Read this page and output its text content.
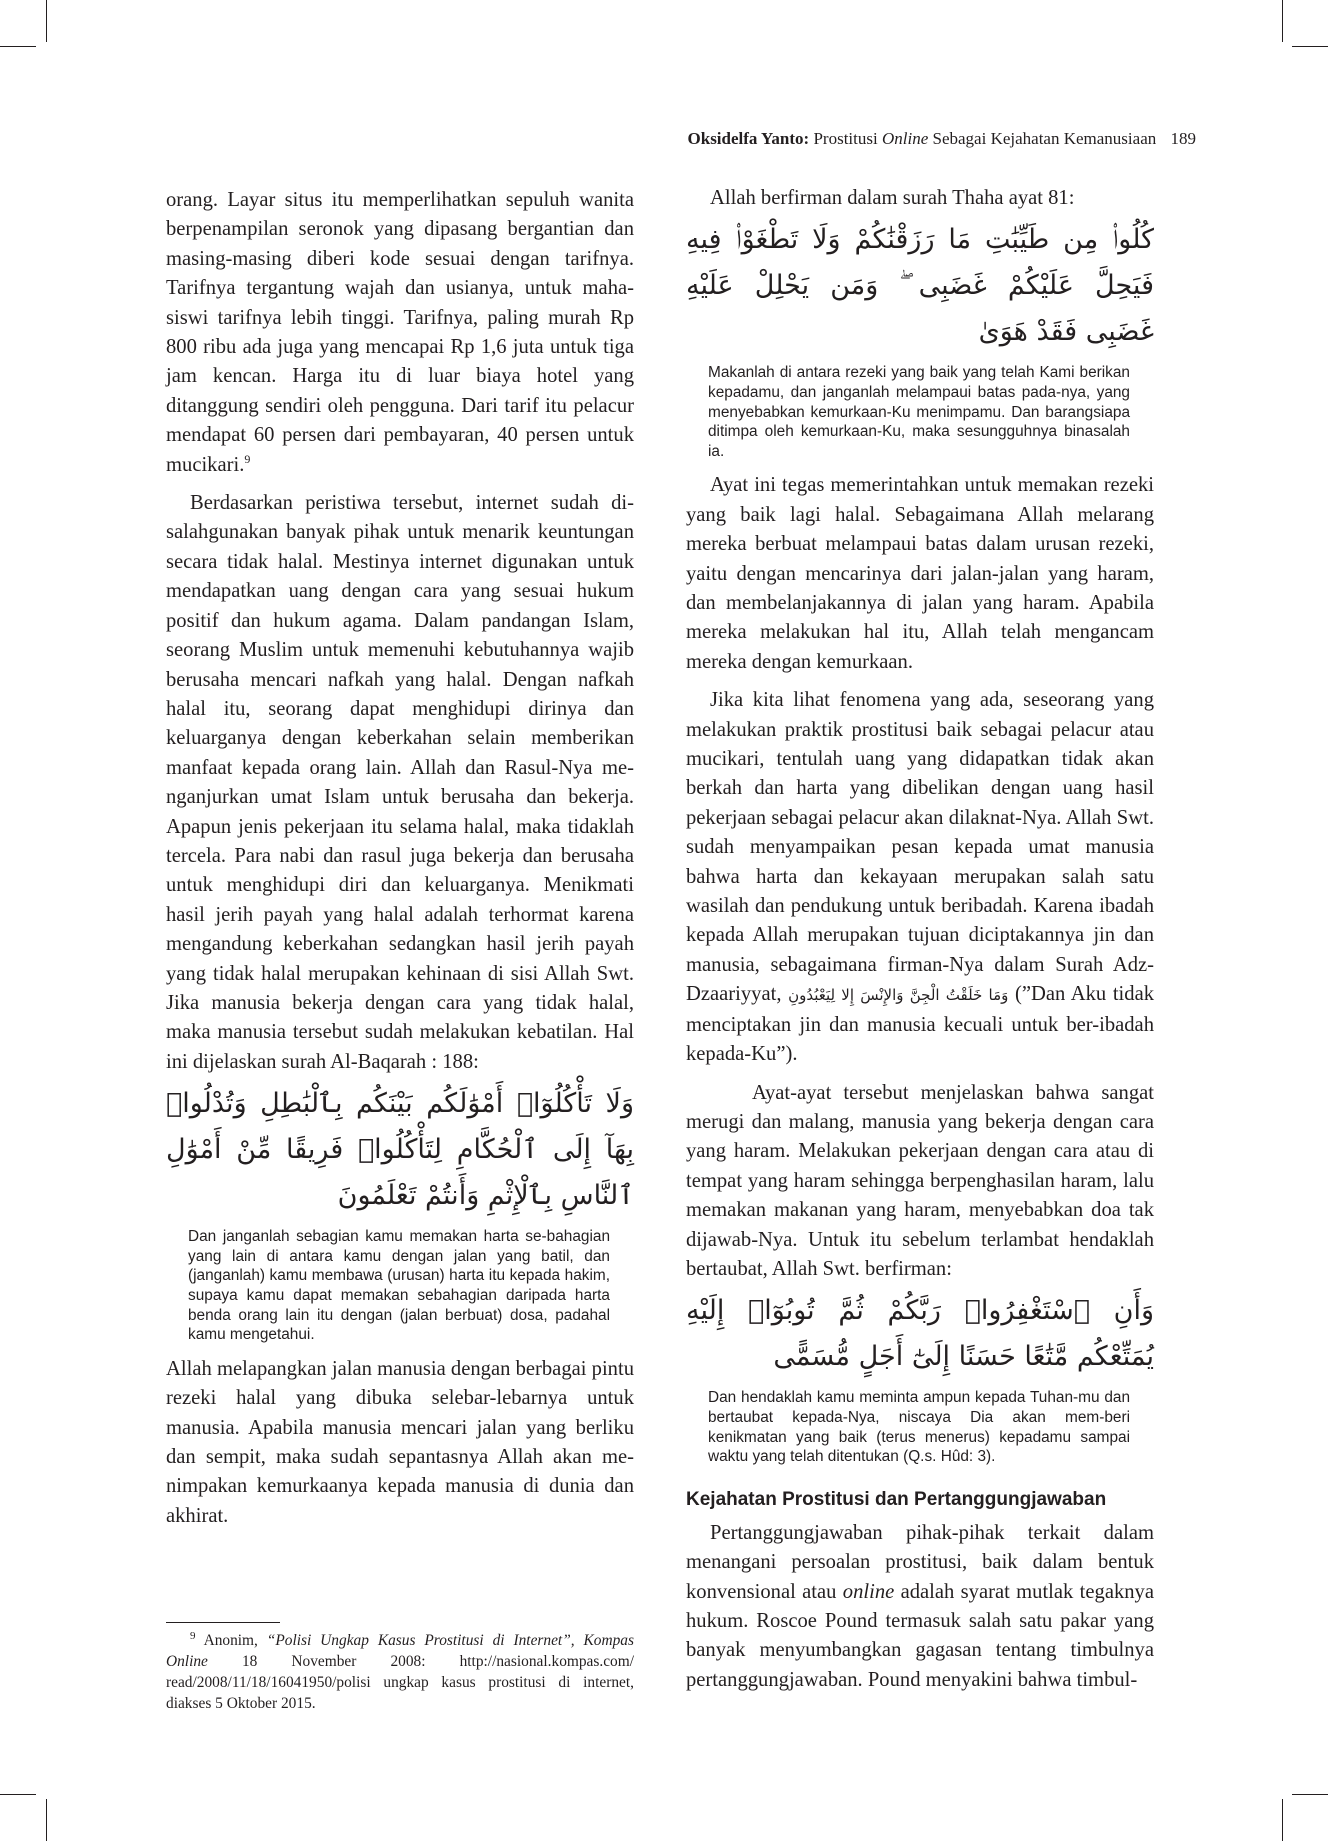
Oksidelfa Yanto: Prostitusi Online Sebagai Kejahatan Kemanusiaan 189

orang. Layar situs itu memperlihatkan sepuluh wanita berpenampilan seronok yang dipasang bergantian dan masing-masing diberi kode sesuai dengan tarifnya. Tarifnya tergantung wajah dan usianya, untuk maha-siswi tarifnya lebih tinggi. Tarifnya, paling murah Rp 800 ribu ada juga yang mencapai Rp 1,6 juta untuk tiga jam kencan. Harga itu di luar biaya hotel yang ditanggung sendiri oleh pengguna. Dari tarif itu pelacur mendapat 60 persen dari pembayaran, 40 persen untuk mucikari.$^9$

Berdasarkan peristiwa tersebut, internet sudah di-salahgunakan banyak pihak untuk menarik keuntungan secara tidak halal. Mestinya internet digunakan untuk mendapatkan uang dengan cara yang sesuai hukum positif dan hukum agama. Dalam pandangan Islam, seorang Muslim untuk memenuhi kebutuhannya wajib berusaha mencari nafkah yang halal. Dengan nafkah halal itu, seorang dapat menghidupi dirinya dan keluarganya dengan keberkahan selain memberikan manfaat kepada orang lain. Allah dan Rasul-Nya me-nganjurkan umat Islam untuk berusaha dan bekerja. Apapun jenis pekerjaan itu selama halal, maka tidaklah tercela. Para nabi dan rasul juga bekerja dan berusaha untuk menghidupi diri dan keluarganya. Menikmati hasil jerih payah yang halal adalah terhormat karena mengandung keberkahan sedangkan hasil jerih payah yang tidak halal merupakan kehinaan di sisi Allah Swt. Jika manusia bekerja dengan cara yang tidak halal, maka manusia tersebut sudah melakukan kebatilan. Hal ini dijelaskan surah Al-Baqarah : 188:

وَلَا تَأْكُلُوٓا۟ أَمْوَٰلَكُم بَيْنَكُم بِٱلْبَٰطِلِ وَتُدْلُوا۟ بِهَآ إِلَى ٱلْحُكَّامِ لِتَأْكُلُوا۟ فَرِيقًا مِّنْ أَمْوَٰلِ ٱلنَّاسِ بِٱلْإِثْمِ وَأَنتُمْ تَعْلَمُونَ
Dan janganlah sebagian kamu memakan harta se-bahagian yang lain di antara kamu dengan jalan yang batil, dan (janganlah) kamu membawa (urusan) harta itu kepada hakim, supaya kamu dapat memakan sebahagian daripada harta benda orang lain itu dengan (jalan berbuat) dosa, padahal kamu mengetahui.

Allah melapangkan jalan manusia dengan berbagai pintu rezeki halal yang dibuka selebar-lebarnya untuk manusia. Apabila manusia mencari jalan yang berliku dan sempit, maka sudah sepantasnya Allah akan me-nimpakan kemurkaanya kepada manusia di dunia dan akhirat.

$^9$ Anonim, “Polisi Ungkap Kasus Prostitusi di Internet”, Kompas Online 18 November 2008: http://nasional.kompas.com/ read/2008/11/18/16041950/polisi ungkap kasus prostitusi di internet, diakses 5 Oktober 2015.

Allah berfirman dalam surah Thaha ayat 81:

كُلُوا۟ مِن طَيِّبَٰتِ مَا رَزَقْنَٰكُمْ وَلَا تَطْغَوْا۟ فِيهِ فَيَحِلَّ عَلَيْكُمْ غَضَبِى ۖ وَمَن يَحْلِلْ عَلَيْهِ غَضَبِى فَقَدْ هَوَىٰ
Makanlah di antara rezeki yang baik yang telah Kami berikan kepadamu, dan janganlah melampaui batas pada-nya, yang menyebabkan kemurkaan-Ku menimpamu. Dan barangsiapa ditimpa oleh kemurkaan-Ku, maka sesungguhnya binasalah ia.

Ayat ini tegas memerintahkan untuk memakan rezeki yang baik lagi halal. Sebagaimana Allah melarang mereka berbuat melampaui batas dalam urusan rezeki, yaitu dengan mencarinya dari jalan-jalan yang haram, dan membelanjakannya di jalan yang haram. Apabila mereka melakukan hal itu, Allah telah mengancam mereka dengan kemurkaan.

Jika kita lihat fenomena yang ada, seseorang yang melakukan praktik prostitusi baik sebagai pelacur atau mucikari, tentulah uang yang didapatkan tidak akan berkah dan harta yang dibelikan dengan uang hasil pekerjaan sebagai pelacur akan dilaknat-Nya. Allah Swt. sudah menyampaikan pesan kepada umat manusia bahwa harta dan kekayaan merupakan salah satu wasilah dan pendukung untuk beribadah. Karena ibadah kepada Allah merupakan tujuan diciptakannya jin dan manusia, sebagaimana firman-Nya dalam Surah Adz-Dzaariyyat, وَمَا خَلَقْتُ الْجِنَّ وَالإِنْسَ إِلا لِيَعْبُدُونِ (”Dan Aku tidak menciptakan jin dan manusia kecuali untuk ber-ibadah kepada-Ku”).

Ayat-ayat tersebut menjelaskan bahwa sangat merugi dan malang, manusia yang bekerja dengan cara yang haram. Melakukan pekerjaan dengan cara atau di tempat yang haram sehingga berpenghasilan haram, lalu memakan makanan yang haram, menyebabkan doa tak dijawab-Nya. Untuk itu sebelum terlambat hendaklah bertaubat, Allah Swt. berfirman:

وَأَنِ ٱسْتَغْفِرُوا۟ رَبَّكُمْ ثُمَّ تُوبُوٓا۟ إِلَيْهِ يُمَتِّعْكُم مَّتَٰعًا حَسَنًا إِلَىٰٓ أَجَلٍ مُّسَمًّى
Dan hendaklah kamu meminta ampun kepada Tuhan-mu dan bertaubat kepada-Nya, niscaya Dia akan mem-beri kenikmatan yang baik (terus menerus) kepadamu sampai waktu yang telah ditentukan (Q.s. Hûd: 3).
Kejahatan Prostitusi dan Pertanggungjawaban

Pertanggungjawaban pihak-pihak terkait dalam menangani persoalan prostitusi, baik dalam bentuk konvensional atau online adalah syarat mutlak tegaknya hukum. Roscoe Pound termasuk salah satu pakar yang banyak menyumbangkan gagasan tentang timbulnya pertanggungjawaban. Pound menyakini bahwa timbul-
